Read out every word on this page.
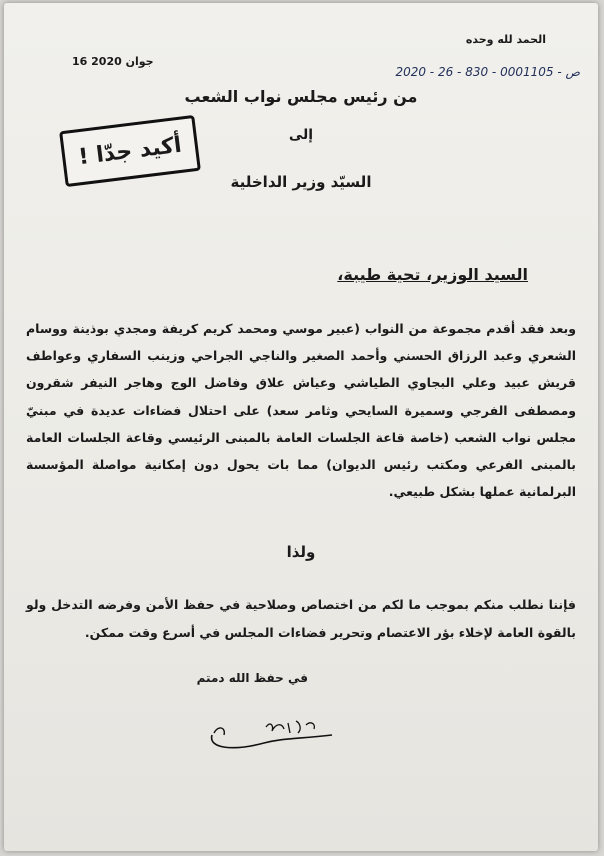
الحمد لله وحده
ص - 0001105 - 830 - 26 - 2020
16 جوان 2020
من رئيس مجلس نواب الشعب
إلى
السيّد وزير الداخلية
أكيد جدّا !
السيد الوزير، تحية طيبة،
وبعد فقد أقدم مجموعة من النواب (عبير موسي ومحمد كريم كريفة ومجدي بوذينة ووسام الشعري وعبد الرزاق الحسني وأحمد الصغير والناجي الجراحي وزينب السفاري وعواطف قريش عبيد وعلي البجاوي الطياشي وعياش علاق وفاضل الوج وهاجر النيفر شقرون ومصطفى الفرجي وسميرة السايحي وثامر سعد) على احتلال فضاءات عديدة في مبنيّ مجلس نواب الشعب (خاصة قاعة الجلسات العامة بالمبنى الرئيسي وقاعة الجلسات العامة بالمبنى الفرعي ومكتب رئيس الديوان) مما بات يحول دون إمكانية مواصلة المؤسسة البرلمانية عملها بشكل طبيعي.
ولذا
فإننا نطلب منكم بموجب ما لكم من اختصاص وصلاحية في حفظ الأمن وفرضه التدخل ولو بالقوة العامة لإخلاء بؤر الاعتصام وتحرير فضاءات المجلس في أسرع وقت ممكن.
في حفظ الله دمتم
